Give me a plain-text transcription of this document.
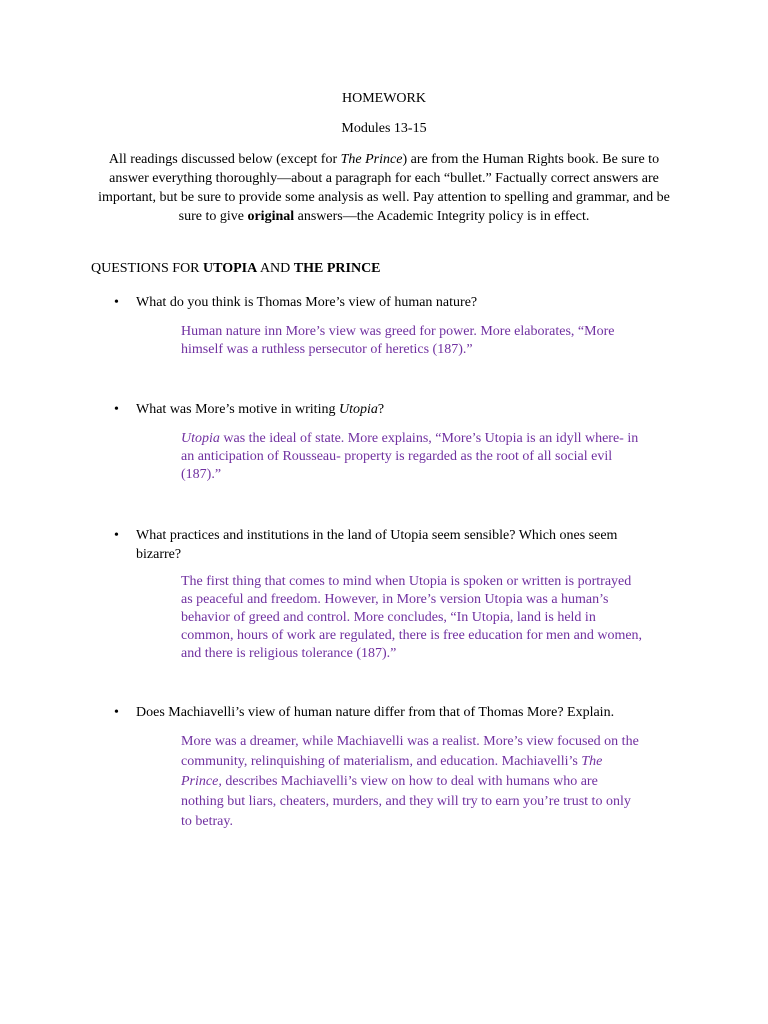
HOMEWORK
Modules 13-15
All readings discussed below (except for The Prince) are from the Human Rights book. Be sure to answer everything thoroughly—about a paragraph for each “bullet.” Factually correct answers are important, but be sure to provide some analysis as well. Pay attention to spelling and grammar, and be sure to give original answers—the Academic Integrity policy is in effect.
QUESTIONS FOR UTOPIA AND THE PRINCE
• What do you think is Thomas More’s view of human nature?
Human nature inn More’s view was greed for power. More elaborates, “More
himself was a ruthless persecutor of heretics (187).”
• What was More’s motive in writing Utopia?
Utopia was the ideal of state. More explains, “More’s Utopia is an idyll where- in
an anticipation of Rousseau- property is regarded as the root of all social evil
(187).”
• What practices and institutions in the land of Utopia seem sensible? Which ones seem
bizarre?
The first thing that comes to mind when Utopia is spoken or written is portrayed
as peaceful and freedom. However, in More’s version Utopia was a human’s
behavior of greed and control. More concludes, “In Utopia, land is held in
common, hours of work are regulated, there is free education for men and women,
and there is religious tolerance (187).”
• Does Machiavelli’s view of human nature differ from that of Thomas More? Explain.
More was a dreamer, while Machiavelli was a realist. More’s view focused on the
community, relinquishing of materialism, and education. Machiavelli’s The
Prince, describes Machiavelli’s view on how to deal with humans who are
nothing but liars, cheaters, murders, and they will try to earn you’re trust to only
to betray.
